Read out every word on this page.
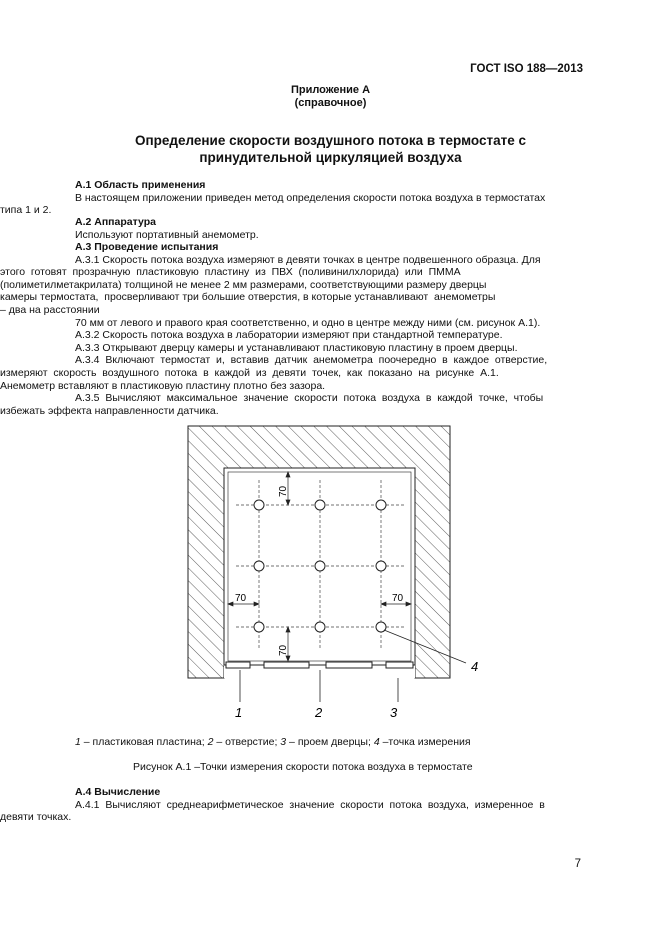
ГОСТ ISO 188—2013
Приложение А
(справочное)
Определение скорости воздушного потока в термостате с
принудительной циркуляцией воздуха

А.1 Область применения

В настоящем приложении приведен метод определения скорости потока воздуха в термостатах

типа 1 и 2.

А.2 Аппаратура

Используют портативный анемометр.

А.3 Проведение испытания

А.3.1 Скорость потока воздуха измеряют в девяти точках в центре подвешенного образца. Для

этого  готовят  прозрачную  пластиковую  пластину  из  ПВХ  (поливинилхлорида)  или  ПММА

(полиметилметакрилата) толщиной не менее 2 мм размерами, соответствующими размеру дверцы

камеры термостата,  просверливают три большие отверстия, в которые устанавливают  анемометры

– два на расстоянии

70 мм от левого и правого края соответственно, и одно в центре между ними (см. рисунок А.1).

А.3.2 Скорость потока воздуха в лаборатории измеряют при стандартной температуре.

А.3.3 Открывают дверцу камеры и устанавливают пластиковую пластину в проем дверцы.

А.3.4  Включают  термостат  и,  вставив  датчик  анемометра  поочередно  в  каждое  отверстие,

измеряют  скорость  воздушного  потока  в  каждой  из  девяти  точек,  как  показано  на  рисунке  А.1.

Анемометр вставляют в пластиковую пластину плотно без зазора.

А.3.5  Вычисляют  максимальное  значение  скорости  потока  воздуха  в  каждой  точке,  чтобы

избежать эффекта направленности датчика.

70
70
70	70
1	2	3
4
1 – пластиковая пластина; 2 – отверстие; 3 – проем дверцы; 4 –точка измерения
Рисунок А.1 –Точки измерения скорости потока воздуха в термостате

А.4 Вычисление

А.4.1  Вычисляют  среднеарифметическое  значение  скорости  потока  воздуха,  измеренное  в

девяти точках.

7
